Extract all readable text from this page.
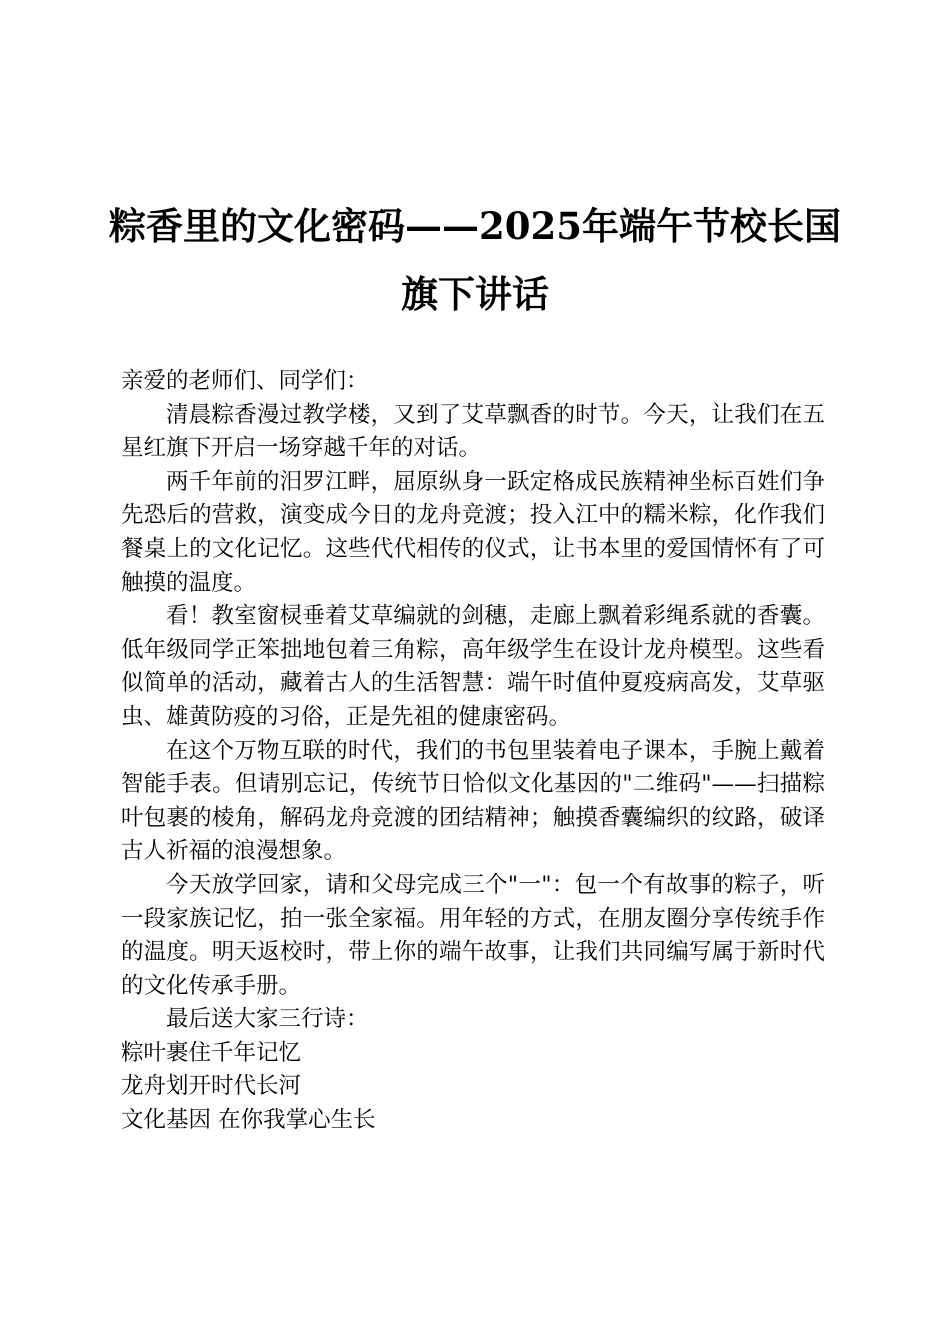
粽香里的文化密码——2025年端午节校长国旗下讲话

亲爱的老师们、同学们：

清晨粽香漫过教学楼，又到了艾草飘香的时节。今天，让我们在五星红旗下开启一场穿越千年的对话。

两千年前的汨罗江畔，屈原纵身一跃定格成民族精神坐标百姓们争先恐后的营救，演变成今日的龙舟竞渡；投入江中的糯米粽，化作我们餐桌上的文化记忆。这些代代相传的仪式，让书本里的爱国情怀有了可触摸的温度。

看！教室窗棂垂着艾草编就的剑穗，走廊上飘着彩绳系就的香囊。低年级同学正笨拙地包着三角粽，高年级学生在设计龙舟模型。这些看似简单的活动，藏着古人的生活智慧：端午时值仲夏疫病高发，艾草驱虫、雄黄防疫的习俗，正是先祖的健康密码。

在这个万物互联的时代，我们的书包里装着电子课本，手腕上戴着智能手表。但请别忘记，传统节日恰似文化基因的"二维码"——扫描粽叶包裹的棱角，解码龙舟竞渡的团结精神；触摸香囊编织的纹路，破译古人祈福的浪漫想象。

今天放学回家，请和父母完成三个"一"：包一个有故事的粽子，听一段家族记忆，拍一张全家福。用年轻的方式，在朋友圈分享传统手作的温度。明天返校时，带上你的端午故事，让我们共同编写属于新时代的文化传承手册。

最后送大家三行诗：

粽叶裹住千年记忆

龙舟划开时代长河

文化基因 在你我掌心生长
